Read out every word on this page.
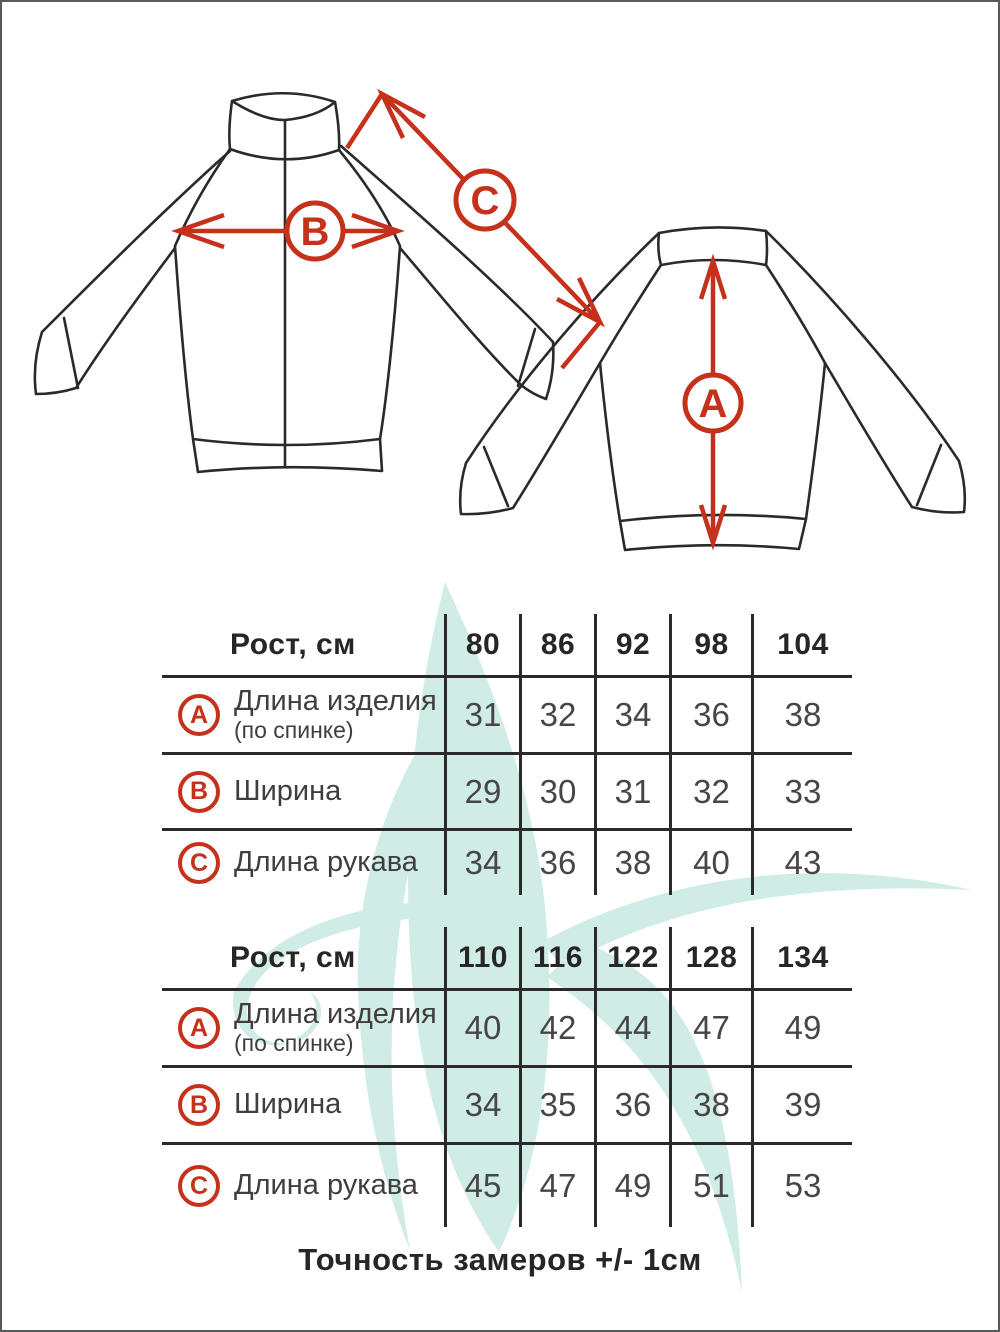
B
C
A
Рост, см	80	86	92	98	104
A Длина изделия
(по спинке)	31	32	34	36	38
B Ширина	29	30	31	32	33
C Длина рукава	34	36	38	40	43
Рост, см	110 116 122 128	134
A Длина изделия
(по спинке)	40	42	44	47	49
B Ширина	34	35	36	38	39
C Длина рукава	45	47	49	51	53
Точность замеров +/- 1см
